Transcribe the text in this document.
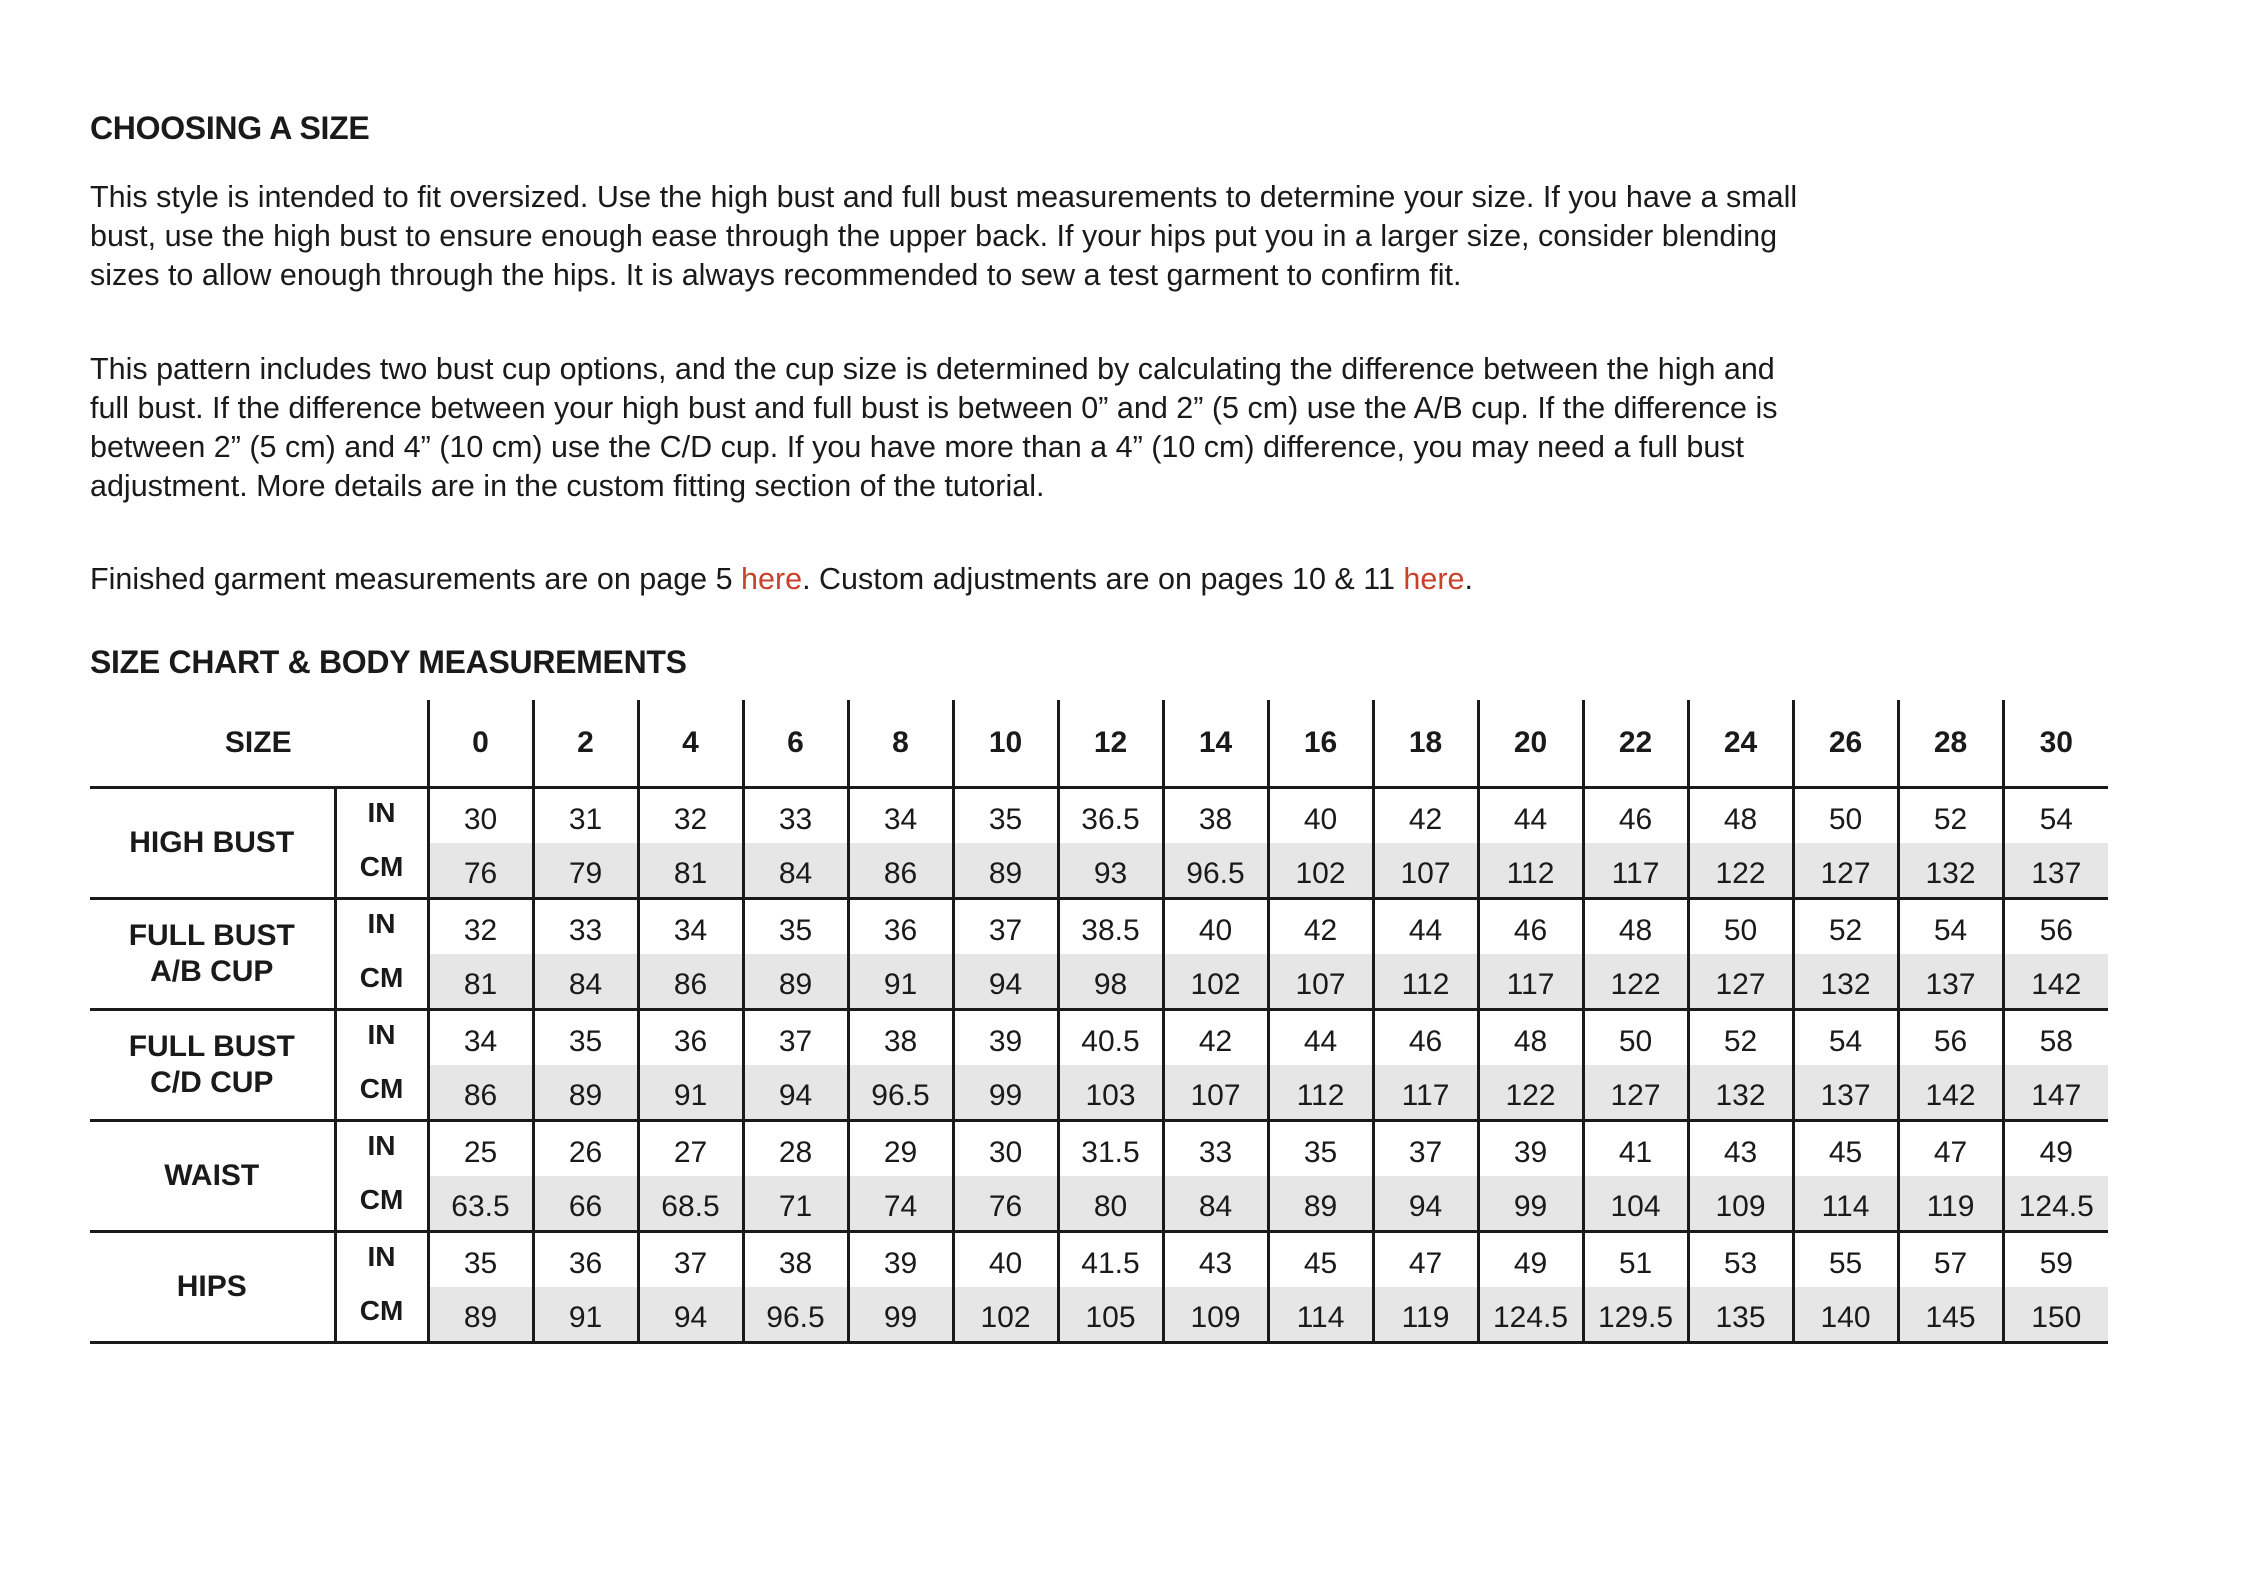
CHOOSING A SIZE

This style is intended to fit oversized. Use the high bust and full bust measurements to determine your size. If you have a small bust, use the high bust to ensure enough ease through the upper back. If your hips put you in a larger size, consider blending sizes to allow enough through the hips. It is always recommended to sew a test garment to confirm fit.

This pattern includes two bust cup options, and the cup size is determined by calculating the difference between the high and full bust. If the difference between your high bust and full bust is between 0” and 2” (5 cm) use the A/B cup. If the difference is between 2” (5 cm) and 4” (10 cm) use the C/D cup. If you have more than a 4” (10 cm) difference, you may need a full bust adjustment. More details are in the custom fitting section of the tutorial.

Finished garment measurements are on page 5 here. Custom adjustments are on pages 10 & 11 here.

SIZE CHART & BODY MEASUREMENTS
SIZE		0	2	4	6	8	10	12	14	16	18	20	22	24	26	28	30

HIGH BUST	IN	30	31	32	33	34	35	36.5	38	40	42	44	46	48	50	52	54
	CM	76	79	81	84	86	89	93	96.5	102	107	112	117	122	127	132	137

FULL BUST
A/B CUP	IN	32	33	34	35	36	37	38.5	40	42	44	46	48	50	52	54	56
	CM	81	84	86	89	91	94	98	102	107	112	117	122	127	132	137	142

FULL BUST
C/D CUP	IN	34	35	36	37	38	39	40.5	42	44	46	48	50	52	54	56	58
	CM	86	89	91	94	96.5	99	103	107	112	117	122	127	132	137	142	147

WAIST	IN	25	26	27	28	29	30	31.5	33	35	37	39	41	43	45	47	49
	CM	63.5	66	68.5	71	74	76	80	84	89	94	99	104	109	114	119	124.5

HIPS	IN	35	36	37	38	39	40	41.5	43	45	47	49	51	53	55	57	59
	CM	89	91	94	96.5	99	102	105	109	114	119	124.5	129.5	135	140	145	150
